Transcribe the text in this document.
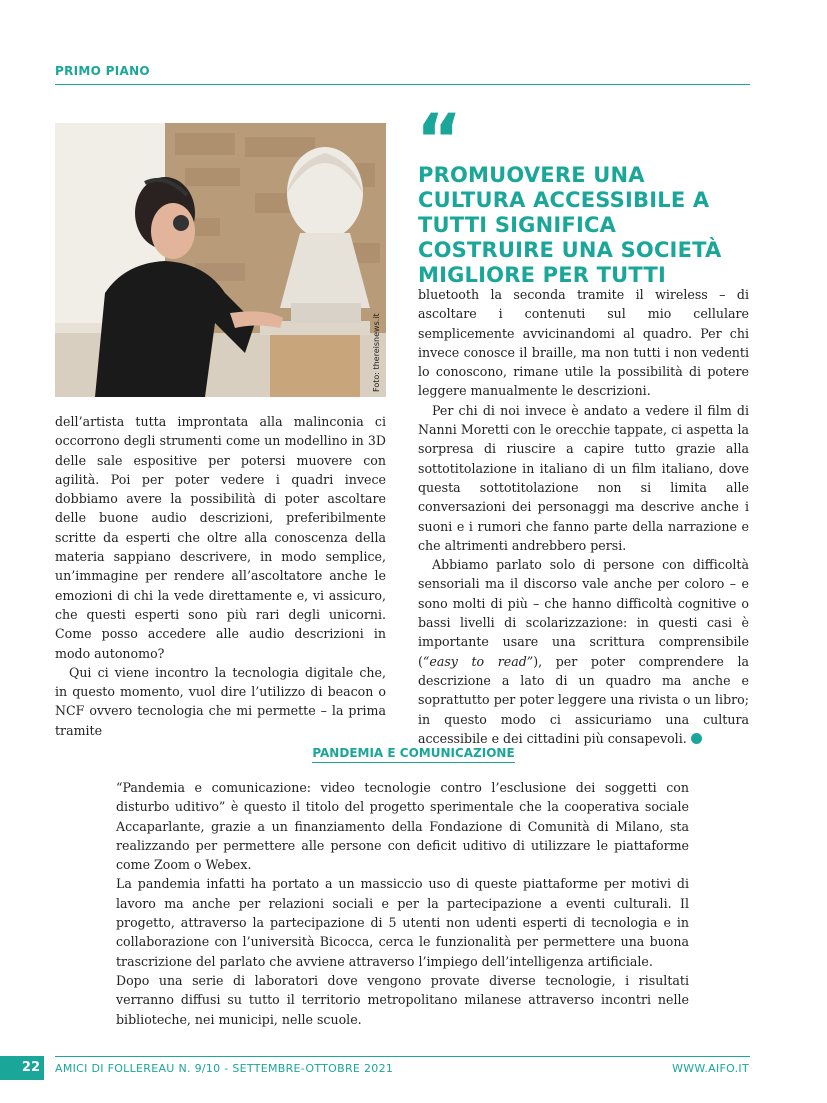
PRIMO PIANO
Foto: thereisnews.it
“
PROMUOVERE UNA CULTURA ACCESSIBILE A TUTTI SIGNIFICA COSTRUIRE UNA SOCIETÀ MIGLIORE PER TUTTI

dell’artista tutta improntata alla malinconia ci occorrono degli strumenti come un modellino in 3D delle sale espositive per potersi muovere con agilità. Poi per poter vedere i quadri invece dobbiamo avere la possibilità di poter ascoltare delle buone audio descrizioni, preferibilmente scritte da esperti che oltre alla conoscenza della materia sappiano descrivere, in modo semplice, un’immagine per rendere all’ascoltatore anche le emozioni di chi la vede direttamente e, vi assicuro, che questi esperti sono più rari degli unicorni. Come posso accedere alle audio descrizioni in modo autonomo?

Qui ci viene incontro la tecnologia digitale che, in questo momento, vuol dire l’utilizzo di beacon o NCF ovvero tecnologia che mi permette – la prima tramite

bluetooth la seconda tramite il wireless – di ascoltare i contenuti sul mio cellulare semplicemente avvicinandomi al quadro. Per chi invece conosce il braille, ma non tutti i non vedenti lo conoscono, rimane utile la possibilità di potere leggere manualmente le descrizioni.

Per chi di noi invece è andato a vedere il film di Nanni Moretti con le orecchie tappate, ci aspetta la sorpresa di riuscire a capire tutto grazie alla sottotitolazione in italiano di un film italiano, dove questa sottotitolazione non si limita alle conversazioni dei personaggi ma descrive anche i suoni e i rumori che fanno parte della narrazione e che altrimenti andrebbero persi.

Abbiamo parlato solo di persone con difficoltà sensoriali ma il discorso vale anche per coloro – e sono molti di più – che hanno difficoltà cognitive o bassi livelli di scolarizzazione: in questi casi è importante usare una scrittura comprensibile (“easy to read”), per poter comprendere la descrizione a lato di un quadro ma anche e soprattutto per poter leggere una rivista o un libro; in questo modo ci assicuriamo una cultura accessibile e dei cittadini più consapevoli.

PANDEMIA E COMUNICAZIONE

“Pandemia e comunicazione: video tecnologie contro l’esclusione dei soggetti con disturbo uditivo” è questo il titolo del progetto sperimentale che la cooperativa sociale Accaparlante, grazie a un finanziamento della Fondazione di Comunità di Milano, sta realizzando per permettere alle persone con deficit uditivo di utilizzare le piattaforme come Zoom o Webex.

La pandemia infatti ha portato a un massiccio uso di queste piattaforme per motivi di lavoro ma anche per relazioni sociali e per la partecipazione a eventi culturali. Il progetto, attraverso la partecipazione di 5 utenti non udenti esperti di tecnologia e in collaborazione con l’università Bicocca, cerca le funzionalità per permettere una buona trascrizione del parlato che avviene attraverso l’impiego dell’intelligenza artificiale.

Dopo una serie di laboratori dove vengono provate diverse tecnologie, i risultati verranno diffusi su tutto il territorio metropolitano milanese attraverso incontri nelle biblioteche, nei municipi, nelle scuole.

22	AMICI DI FOLLEREAU N. 9/10 - SETTEMBRE-OTTOBRE 2021	WWW.AIFO.IT
